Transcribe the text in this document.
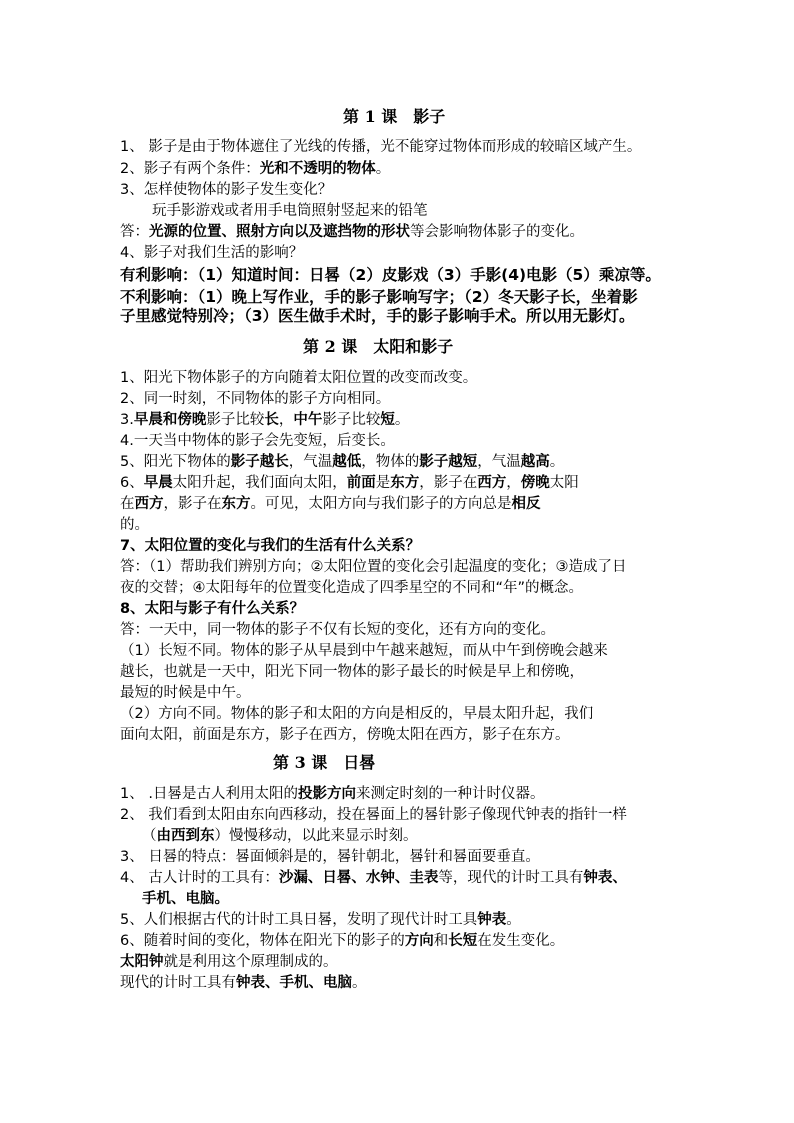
第 1 课　影子
1、 影子是由于物体遮住了光线的传播，光不能穿过物体而形成的较暗区域产生。
2、影子有两个条件：光和不透明的物体。
3、怎样使物体的影子发生变化？
玩手影游戏或者用手电筒照射竖起来的铅笔
答：光源的位置、照射方向以及遮挡物的形状等会影响物体影子的变化。
4、影子对我们生活的影响？
有利影响：（1）知道时间：日晷（2）皮影戏（3）手影(4)电影（5）乘凉等。
不利影响：（1）晚上写作业，手的影子影响写字；（2）冬天影子长，坐着影
子里感觉特别冷；（3）医生做手术时，手的影子影响手术。所以用无影灯。
第 2 课　太阳和影子
1、阳光下物体影子的方向随着太阳位置的改变而改变。
2、同一时刻，不同物体的影子方向相同。
3.早晨和傍晚影子比较长，中午影子比较短。
4.一天当中物体的影子会先变短，后变长。
5、阳光下物体的影子越长，气温越低，物体的影子越短，气温越高。
6、早晨太阳升起，我们面向太阳，前面是东方，影子在西方，傍晚太阳
在西方，影子在东方。可见，太阳方向与我们影子的方向总是相反
的。
7、太阳位置的变化与我们的生活有什么关系？
答：（1）帮助我们辨别方向；②太阳位置的变化会引起温度的变化；③造成了日
夜的交替；④太阳每年的位置变化造成了四季星空的不同和“年”的概念。
8、太阳与影子有什么关系？
答：一天中，同一物体的影子不仅有长短的变化，还有方向的变化。
（1）长短不同。物体的影子从早晨到中午越来越短，而从中午到傍晚会越来
越长，也就是一天中，阳光下同一物体的影子最长的时候是早上和傍晚，
最短的时候是中午。
（2）方向不同。物体的影子和太阳的方向是相反的，早晨太阳升起，我们
面向太阳，前面是东方，影子在西方，傍晚太阳在西方，影子在东方。
第 3 课　日晷
1、 .日晷是古人利用太阳的投影方向来测定时刻的一种计时仪器。
2、 我们看到太阳由东向西移动，投在晷面上的晷针影子像现代钟表的指针一样
（由西到东）慢慢移动，以此来显示时刻。
3、 日晷的特点：晷面倾斜是的，晷针朝北，晷针和晷面要垂直。
4、 古人计时的工具有：沙漏、日晷、水钟、圭表等，现代的计时工具有钟表、
手机、电脑。
5、人们根据古代的计时工具日晷，发明了现代计时工具钟表。
6、随着时间的变化，物体在阳光下的影子的方向和长短在发生变化。
太阳钟就是利用这个原理制成的。
现代的计时工具有钟表、手机、电脑。
